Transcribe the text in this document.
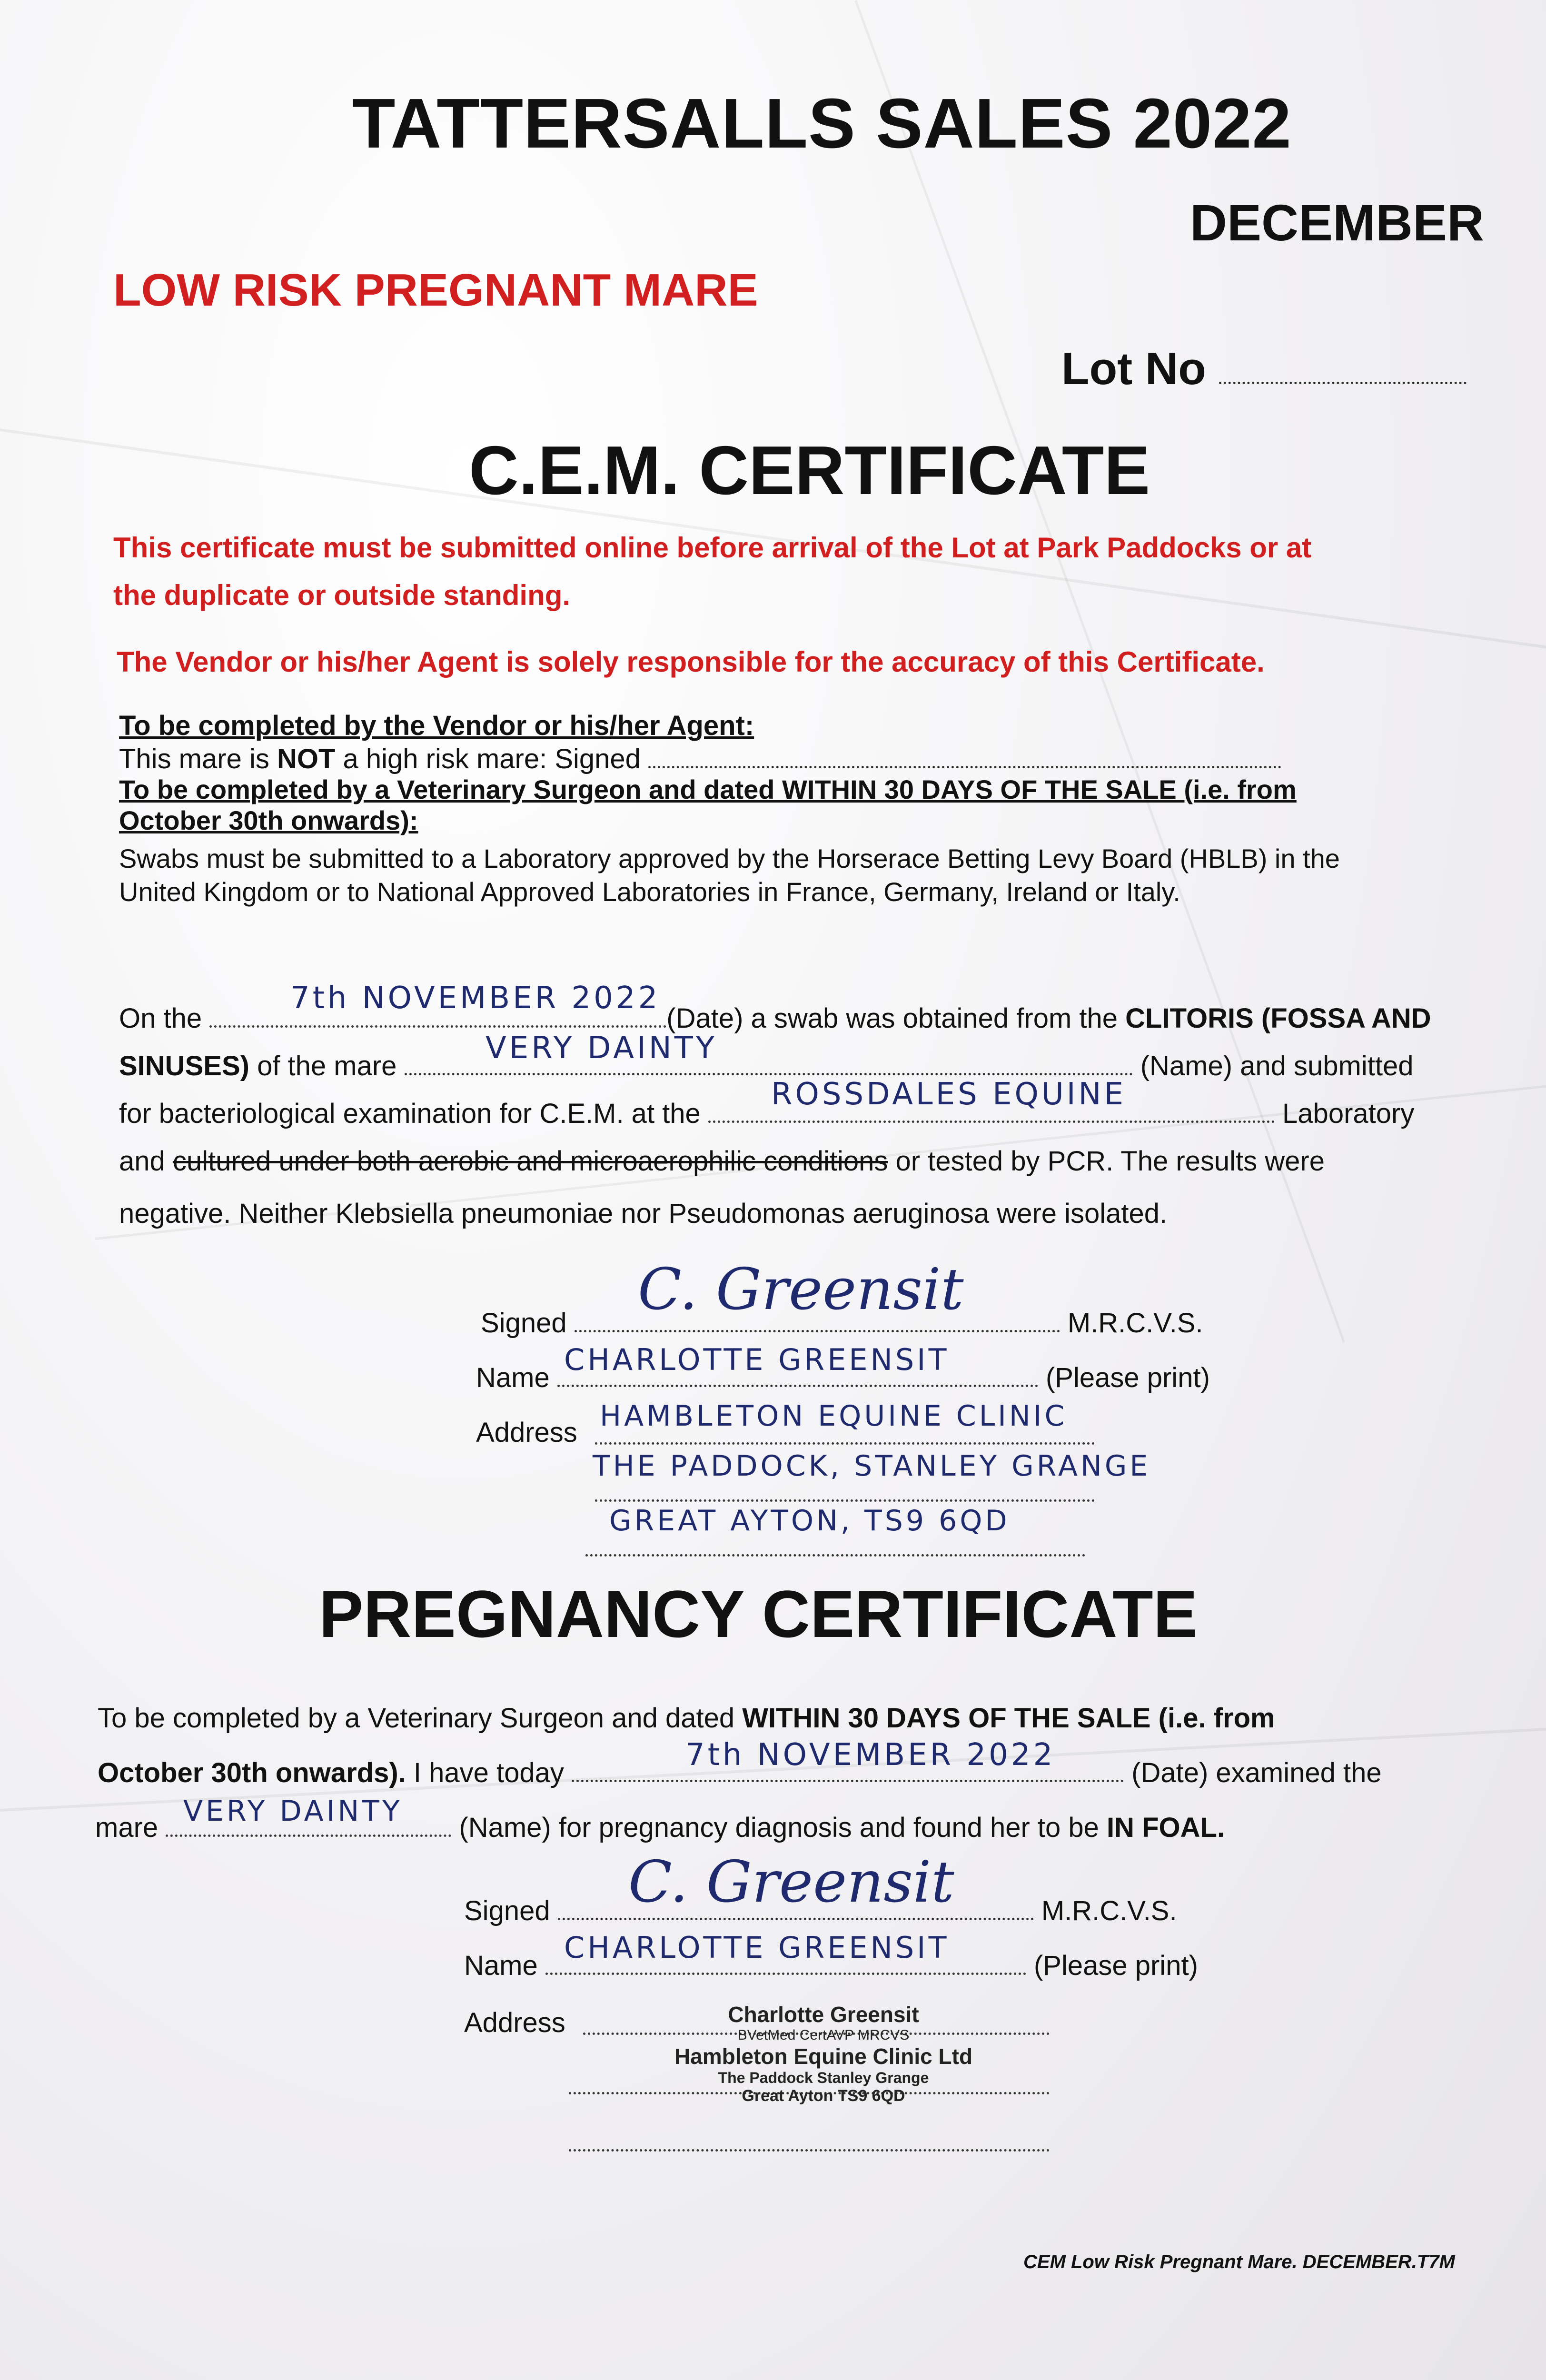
TATTERSALLS SALES 2022
DECEMBER
LOW RISK PREGNANT MARE
Lot No
C.E.M. CERTIFICATE
This certificate must be submitted online before arrival of the Lot at Park Paddocks or at
the duplicate or outside standing.
The Vendor or his/her Agent is solely responsible for the accuracy of this Certificate.
To be completed by the Vendor or his/her Agent:
This mare is NOT a high risk mare: Signed
To be completed by a Veterinary Surgeon and dated WITHIN 30 DAYS OF THE SALE (i.e. from
October 30th onwards):
Swabs must be submitted to a Laboratory approved by the Horserace Betting Levy Board (HBLB) in the
United Kingdom or to National Approved Laboratories in France, Germany, Ireland or Italy.
On the	(Date) a swab was obtained from the CLITORIS (FOSSA AND
7th NOVEMBER 2022
SINUSES) of the mare	(Name) and submitted
VERY DAINTY
for bacteriological examination for C.E.M. at the	Laboratory
ROSSDALES EQUINE
and cultured under both aerobic and microaerophilic conditions or tested by PCR. The results were
negative. Neither Klebsiella pneumoniae nor Pseudomonas aeruginosa were isolated.
Signed	M.R.C.V.S.
C. Greensit
Name	(Please print)
CHARLOTTE GREENSIT
Address HAMBLETON EQUINE CLINIC
THE PADDOCK, STANLEY GRANGE
GREAT AYTON, TS9 6QD
PREGNANCY CERTIFICATE
To be completed by a Veterinary Surgeon and dated WITHIN 30 DAYS OF THE SALE (i.e. from
October 30th onwards). I have today	(Date) examined the
7th NOVEMBER 2022
mare	(Name) for pregnancy diagnosis and found her to be IN FOAL.
VERY DAINTY
Signed	M.R.C.V.S.
C. Greensit
Name	(Please print)
CHARLOTTE GREENSIT
Address	Charlotte Greensit
BVetMed CertAVP MRCVS
Hambleton Equine Clinic Ltd
The Paddock Stanley Grange
Great Ayton TS9 6QD
CEM Low Risk Pregnant Mare. DECEMBER.T7M
